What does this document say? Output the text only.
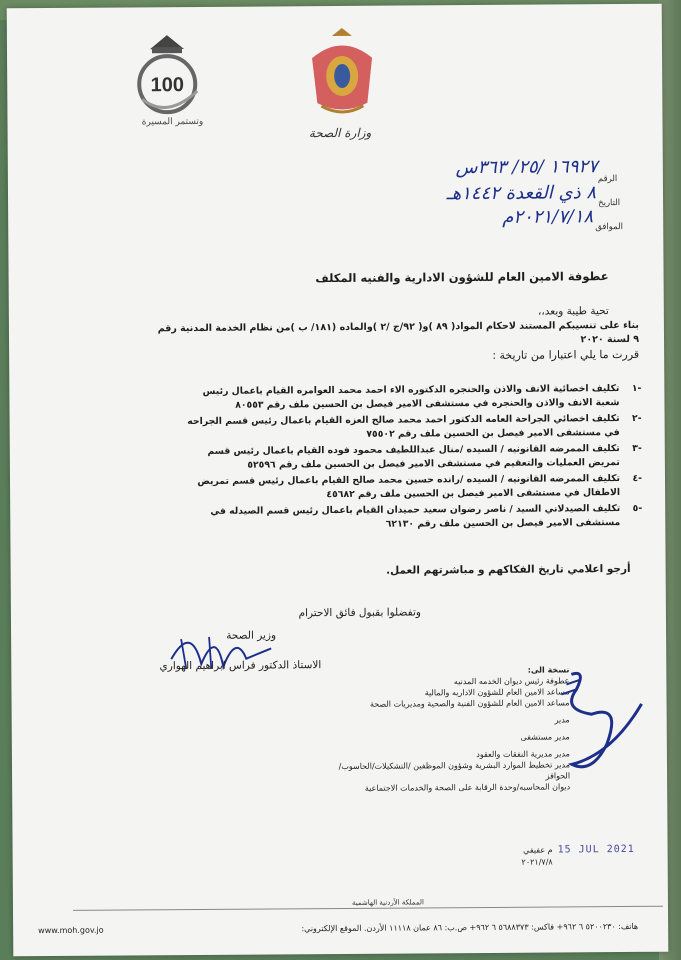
100
وتستمر المسيرة
وزارة الصحة
الرقم
١٦٩٢٧ /٢٥/ ٣٦٣س
التاريخ
٨ ذي القعدة ١٤٤٢هـ
الموافق
٢٠٢١/٧/١٨م
عطوفة الامين العام للشؤون الادارية والفنيه المكلف
تحية طيبة وبعد،،
بناء على تنسيبكم المستند لاحكام المواد( ٨٩ )و( ٩٢/ج /٢ )والماده (١٨١/ ب )من نظام الخدمة المدنية رقم
٩ لسنة ٢٠٢٠
قررت ما يلي اعتبارا من تاريخة :
-١
تكليف اخصائية الانف والاذن والحنجره الدكتوره الاء احمد محمد العوامره القيام باعمال رئيس
شعبة الانف والاذن والحنجره في مستشفى الامير فيصل بن الحسين ملف رقم ٨٠٥٥٣
-٢
تكليف اخصائي الجراحة العامه الدكتور احمد محمد صالح العزه القيام باعمال رئيس قسم الجراحه
في مستشفى الامير فيصل بن الحسين ملف رقم ٧٥٥٠٢
-٣
تكليف الممرضه القانونيه / السيده /منال عبداللطيف محمود فوده القيام باعمال رئيس قسم
تمريض العمليات والتعقيم في مستشفى الامير فيصل بن الحسين ملف رقم ٥٢٥٩٦
-٤
تكليف الممرضه القانونيه / السيده /رانده حسين محمد صالح القيام باعمال رئيس قسم تمريض
الاطفال في مستشفى الامير فيصل بن الحسين ملف رقم ٤٥٦٨٢
-٥
تكليف الصيدلاني السيد / ناصر رضوان سعيد حميدان القيام باعمال رئيس قسم الصيدله في
مستشفى الامير فيصل بن الحسين ملف رقم ٦٢١٣٠
أرجو اعلامي تاريخ الفكاكهم و مباشرتهم العمل.
وتفضلوا بقبول فائق الاحترام
وزير الصحة
الاستاذ الدكتور فراس ابراهيم الهواري	نسخة الى:
عطوفة رئيس ديوان الخدمه المدنيه
مساعد الامين العام للشؤون الاداريه والمالية
مساعد الامين العام للشؤون الفنية والصحية ومديريات الصحة
مدير
مدير مستشفى
مدير مديرية النفقات والعقود
مدير تخطيط الموارد البشرية وشؤون الموظفين /التشكيلات/الحاسوب/ الحوافز
ديوان المحاسبه/وحدة الرقابة على الصحة والخدمات الاجتماعية
15 JUL 2021
م عفيفي
٢٠٢١/٧/٨
المملكة الأردنية الهاشمية
www.moh.gov.jo	هاتف: ٥٢٠٠٢٣٠ ٦ ٩٦٢+ فاكس: ٥٦٨٨٣٧٣ ٦ ٩٦٢+ ص.ب: ٨٦ عمان ١١١١٨ الأردن. الموقع الإلكتروني:
